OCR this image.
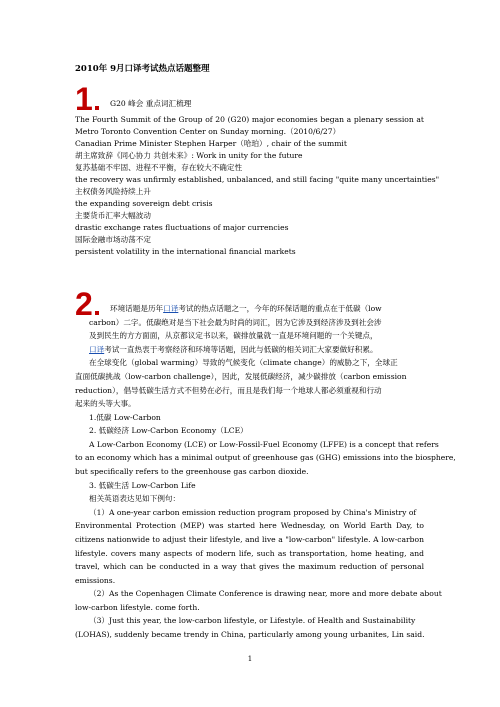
2010年 9月口译考试热点话题整理
1	G20 峰会 重点词汇梳理
The Fourth Summit of the Group of 20 (G20) major economies began a plenary session at
Metro Toronto Convention Center on Sunday morning.（2010/6/27）
Canadian Prime Minister Stephen Harper（哈珀）, chair of the summit
胡主席致辞《同心协力 共创未来》: Work in unity for the future
复苏基础不牢固、进程不平衡，存在较大不确定性
the recovery was unfirmly established, unbalanced, and still facing "quite many uncertainties"
主权债务风险持续上升
the expanding sovereign debt crisis
主要货币汇率大幅波动
drastic exchange rates fluctuations of major currencies
国际金融市场动荡不定
persistent volatility in the international financial markets
2	环境话题是历年口译考试的热点话题之一，今年的环保话题的重点在于低碳（low
carbon）二字。低碳绝对是当下社会最为时尚的词汇，因为它涉及到经济涉及到社会涉
及到民生的方方面面，从京都议定书以来，碳排放量就一直是环境问题的一个关键点，
口译考试一直热衷于考察经济和环境等话题，因此与低碳的相关词汇大家要做好积累。
在全球变化（global warming）导致的气候变化（climate change）的威胁之下，全球正
直面低碳挑战（low-carbon challenge），因此，发展低碳经济，减少碳排放（carbon emission
reduction），倡导低碳生活方式不但势在必行，而且是我们每一个地球人都必须重视和行动
起来的头等大事。
1.低碳 Low-Carbon
2. 低碳经济 Low-Carbon Economy（LCE）
A Low-Carbon Economy (LCE) or Low-Fossil-Fuel Economy (LFFE) is a concept that refers
to an economy which has a minimal output of greenhouse gas (GHG) emissions into the biosphere,
but specifically refers to the greenhouse gas carbon dioxide.
3. 低碳生活 Low-Carbon Life
相关英语表达见如下例句：
（1）A one-year carbon emission reduction program proposed by China's Ministry of
Environmental Protection (MEP) was started here Wednesday, on World Earth Day, to
citizens nationwide to adjust their lifestyle, and live a "low-carbon" lifestyle. A low-carbon
lifestyle. covers many aspects of modern life, such as transportation, home heating, and
travel, which can be conducted in a way that gives the maximum reduction of personal
emissions.
（2）As the Copenhagen Climate Conference is drawing near, more and more debate about
1
low-carbon lifestyle. come forth.
（3）Just this year, the low-carbon lifestyle, or Lifestyle. of Health and Sustainability
(LOHAS), suddenly became trendy in China, particularly among young urbanites, Lin said.
